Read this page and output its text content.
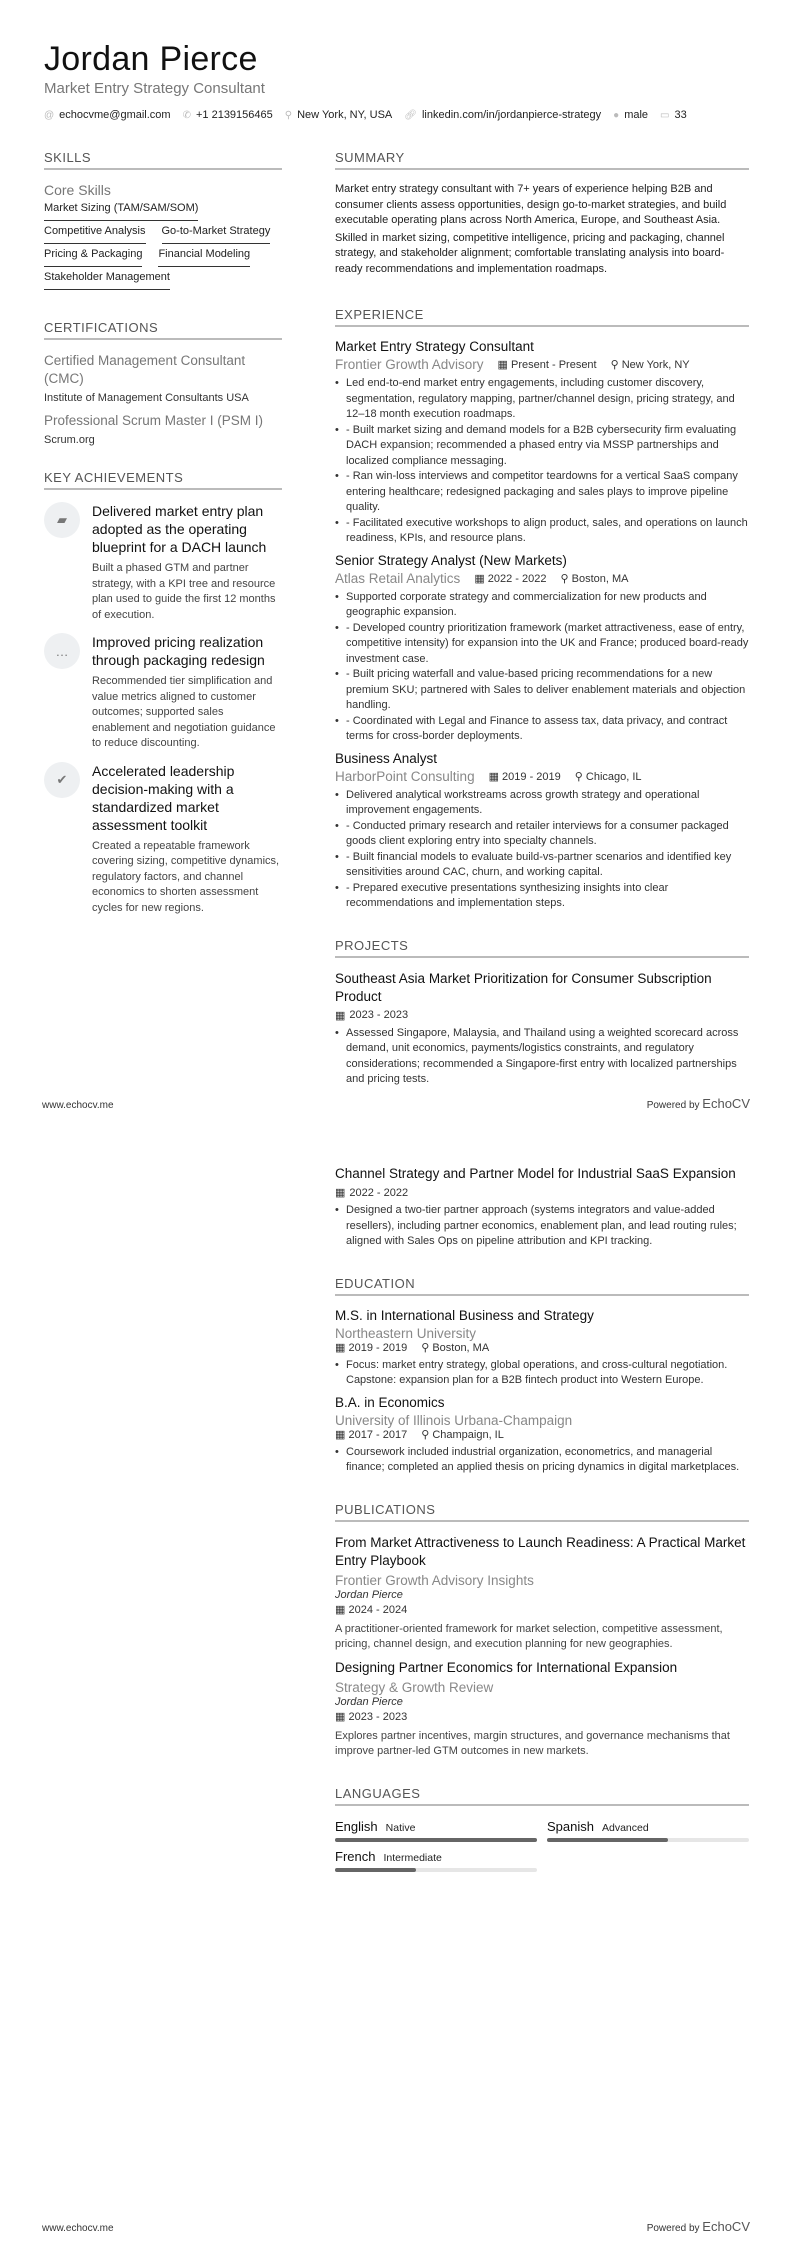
Jordan Pierce
Market Entry Strategy Consultant
@ echocvme@gmail.com ✆ +1 2139156465 ⚲ New York, NY, USA 🔗︎ linkedin.com/in/jordanpierce-strategy ● male ▭ 33
SKILLS
Core Skills
Market Sizing (TAM/SAM/SOM)
Competitive Analysis Go-to-Market Strategy
Pricing & Packaging Financial Modeling
Stakeholder Management
CERTIFICATIONS
Certified Management Consultant (CMC)
Institute of Management Consultants USA
Professional Scrum Master I (PSM I)
Scrum.org
KEY ACHIEVEMENTS
▰
Delivered market entry plan adopted as the operating blueprint for a DACH launch
Built a phased GTM and partner strategy, with a KPI tree and resource plan used to guide the first 12 months of execution.
…
Improved pricing realization through packaging redesign
Recommended tier simplification and value metrics aligned to customer outcomes; supported sales enablement and negotiation guidance to reduce discounting.
✔
Accelerated leadership decision-making with a standardized market assessment toolkit
Created a repeatable framework covering sizing, competitive dynamics, regulatory factors, and channel economics to shorten assessment cycles for new regions.
SUMMARY

Market entry strategy consultant with 7+ years of experience helping B2B and consumer clients assess opportunities, design go-to-market strategies, and build executable operating plans across North America, Europe, and Southeast Asia.

Skilled in market sizing, competitive intelligence, pricing and packaging, channel strategy, and stakeholder alignment; comfortable translating analysis into board-ready recommendations and implementation roadmaps.

EXPERIENCE
Market Entry Strategy Consultant
Frontier Growth Advisory ▦ Present - Present ⚲ New York, NY
• Led end-to-end market entry engagements, including customer discovery, segmentation, regulatory mapping, partner/channel design, pricing strategy, and 12–18 month execution roadmaps.
• - Built market sizing and demand models for a B2B cybersecurity firm evaluating DACH expansion; recommended a phased entry via MSSP partnerships and localized compliance messaging.
• - Ran win-loss interviews and competitor teardowns for a vertical SaaS company entering healthcare; redesigned packaging and sales plays to improve pipeline quality.
• - Facilitated executive workshops to align product, sales, and operations on launch readiness, KPIs, and resource plans.
Senior Strategy Analyst (New Markets)
Atlas Retail Analytics ▦ 2022 - 2022 ⚲ Boston, MA
• Supported corporate strategy and commercialization for new products and geographic expansion.
• - Developed country prioritization framework (market attractiveness, ease of entry, competitive intensity) for expansion into the UK and France; produced board-ready investment case.
• - Built pricing waterfall and value-based pricing recommendations for a new premium SKU; partnered with Sales to deliver enablement materials and objection handling.
• - Coordinated with Legal and Finance to assess tax, data privacy, and contract terms for cross-border deployments.
Business Analyst
HarborPoint Consulting ▦ 2019 - 2019 ⚲ Chicago, IL
• Delivered analytical workstreams across growth strategy and operational improvement engagements.
• - Conducted primary research and retailer interviews for a consumer packaged goods client exploring entry into specialty channels.
• - Built financial models to evaluate build-vs-partner scenarios and identified key sensitivities around CAC, churn, and working capital.
• - Prepared executive presentations synthesizing insights into clear recommendations and implementation steps.
PROJECTS
Southeast Asia Market Prioritization for Consumer Subscription Product
▦ 2023 - 2023
• Assessed Singapore, Malaysia, and Thailand using a weighted scorecard across demand, unit economics, payments/logistics constraints, and regulatory considerations; recommended a Singapore-first entry with localized partnerships and pricing tests.
www.echocv.me	Powered by EchoCV
Channel Strategy and Partner Model for Industrial SaaS Expansion
▦ 2022 - 2022
• Designed a two-tier partner approach (systems integrators and value-added resellers), including partner economics, enablement plan, and lead routing rules; aligned with Sales Ops on pipeline attribution and KPI tracking.
EDUCATION
M.S. in International Business and Strategy
Northeastern University
▦ 2019 - 2019 ⚲ Boston, MA
• Focus: market entry strategy, global operations, and cross-cultural negotiation. Capstone: expansion plan for a B2B fintech product into Western Europe.
B.A. in Economics
University of Illinois Urbana-Champaign
▦ 2017 - 2017 ⚲ Champaign, IL
• Coursework included industrial organization, econometrics, and managerial finance; completed an applied thesis on pricing dynamics in digital marketplaces.
PUBLICATIONS
From Market Attractiveness to Launch Readiness: A Practical Market Entry Playbook
Frontier Growth Advisory Insights
Jordan Pierce
▦ 2024 - 2024

A practitioner-oriented framework for market selection, competitive assessment, pricing, channel design, and execution planning for new geographies.

Designing Partner Economics for International Expansion
Strategy & Growth Review
Jordan Pierce
▦ 2023 - 2023

Explores partner incentives, margin structures, and governance mechanisms that improve partner-led GTM outcomes in new markets.

LANGUAGES
English Native	Spanish Advanced
French Intermediate
www.echocv.me	Powered by EchoCV
